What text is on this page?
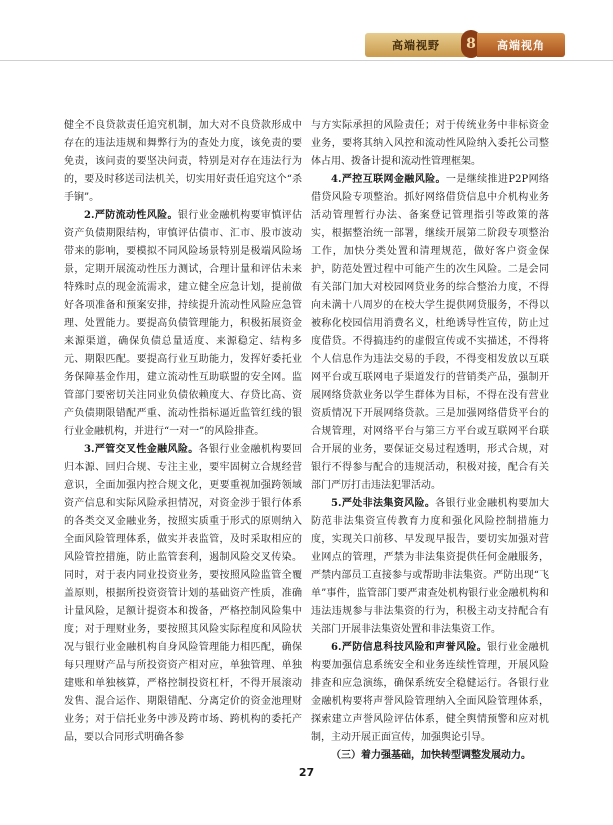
高端视野	8	高端视角

健全不良贷款责任追究机制，加大对不良贷款形成中存在的违法违规和舞弊行为的查处力度，该免责的要免责，该问责的要坚决问责，特别是对存在违法行为的，要及时移送司法机关，切实用好责任追究这个“杀手锏”。

2.严防流动性风险。银行业金融机构要审慎评估资产负债期限结构，审慎评估债市、汇市、股市波动带来的影响，要模拟不同风险场景特别是极端风险场景，定期开展流动性压力测试，合理计量和评估未来特殊时点的现金流需求，建立健全应急计划，提前做好各项准备和预案安排，持续提升流动性风险应急管理、处置能力。要提高负债管理能力，积极拓展资金来源渠道，确保负债总量适度、来源稳定、结构多元、期限匹配。要提高行业互助能力，发挥好委托业务保障基金作用，建立流动性互助联盟的安全网。监管部门要密切关注同业负债依赖度大、存贷比高、资产负债期限错配严重、流动性指标逼近监管红线的银行业金融机构，并进行“一对一”的风险排查。

3.严管交叉性金融风险。各银行业金融机构要回归本源、回归合规、专注主业，要牢固树立合规经营意识，全面加强内控合规文化，更要重视加强跨领域资产信息和实际风险承担情况，对资金涉于银行体系的各类交叉金融业务，按照实质重于形式的原则纳入全面风险管理体系，做实并表监管，及时采取相应的风险管控措施，防止监管套利，遏制风险交叉传染。同时，对于表内同业投资业务，要按照风险监管全覆盖原则，根据所投资资管计划的基础资产性质，准确计量风险，足额计提资本和拨备，严格控制风险集中度；对于理财业务，要按照其风险实际程度和风险状况与银行业金融机构自身风险管理能力相匹配，确保每只理财产品与所投资资产相对应，单独管理、单独建账和单独核算，严格控制投资杠杆，不得开展滚动发售、混合运作、期限错配、分离定价的资金池理财业务；对于信托业务中涉及跨市场、跨机构的委托产品，要以合同形式明确各参

与方实际承担的风险责任；对于传统业务中非标资金业务，要将其纳入风控和流动性风险纳入委托公司整体占用、拨备计提和流动性管理框架。

4.严控互联网金融风险。一是继续推进P2P网络借贷风险专项整治。抓好网络借贷信息中介机构业务活动管理暂行办法、备案登记管理指引等政策的落实，根据整治统一部署，继续开展第二阶段专项整治工作，加快分类处置和清理规范，做好客户资金保护，防范处置过程中可能产生的次生风险。二是会同有关部门加大对校园网贷业务的综合整治力度，不得向未满十八周岁的在校大学生提供网贷服务，不得以被称化校园信用消费名义，杜绝诱导性宣传，防止过度借贷。不得搞违约的虚假宣传或不实描述，不得将个人信息作为违法交易的手段，不得变相发放以互联网平台或互联网电子渠道发行的营销类产品，强制开展网络贷款业务以学生群体为目标，不得在没有营业资质情况下开展网络贷款。三是加强网络借贷平台的合规管理，对网络平台与第三方平台或互联网平台联合开展的业务，要保证交易过程透明，形式合规，对银行不得参与配合的违规活动，积极对接，配合有关部门严厉打击违法犯罪活动。

5.严处非法集资风险。各银行业金融机构要加大防范非法集资宣传教育力度和强化风险控制措施力度，实现关口前移、早发现早报告，要切实加强对营业网点的管理，严禁为非法集资提供任何金融服务，严禁内部员工直接参与或帮助非法集资。严防出现“飞单”事件，监管部门要严肃查处机构银行业金融机构和违法违规参与非法集资的行为，积极主动支持配合有关部门开展非法集资处置和非法集资工作。

6.严防信息科技风险和声誉风险。银行业金融机构要加强信息系统安全和业务连续性管理，开展风险排查和应急演练，确保系统安全稳健运行。各银行业金融机构要将声誉风险管理纳入全面风险管理体系，探索建立声誉风险评估体系，健全舆情预警和应对机制，主动开展正面宣传，加强舆论引导。

（三）着力强基础，加快转型调整发展动力。

27
